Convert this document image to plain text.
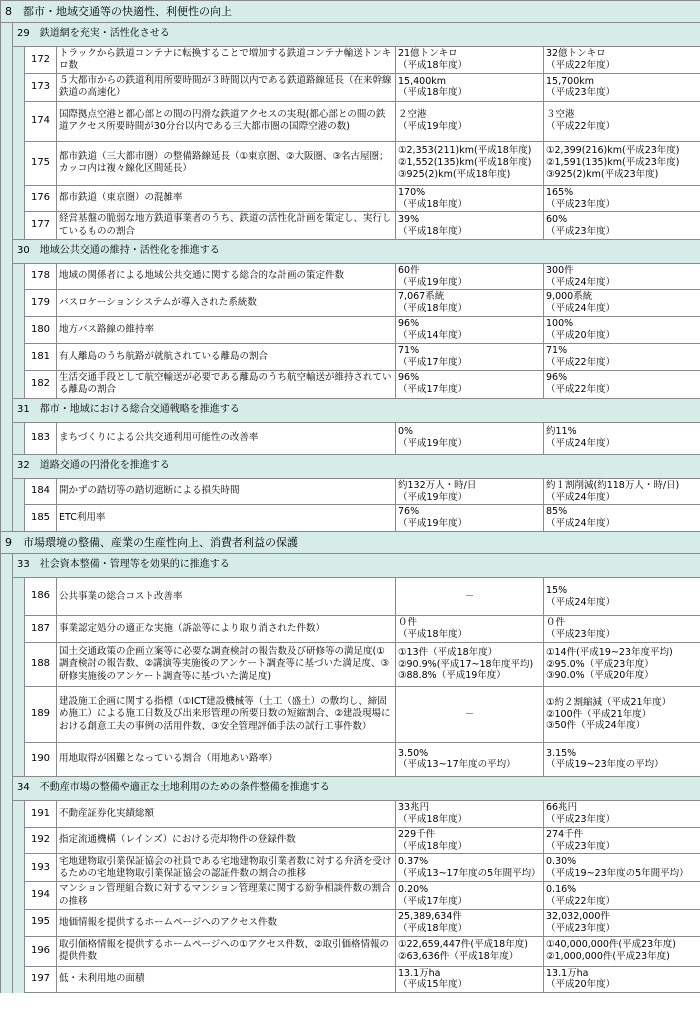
8　都市・地域交通等の快適性、利便性の向上					
	29　鉄道網を充実・活性化させる				
		172	トラックから鉄道コンテナに転換することで増加する鉄道コンテナ輸送トンキロ数	21億トンキロ
（平成18年度）	32億トンキロ
（平成22年度）

		173	５大都市からの鉄道利用所要時間が３時間以内である鉄道路線延長（在来幹線鉄道の高速化）	15,400km
（平成18年度）	15,700km
（平成23年度）

		174	国際拠点空港と都心部との間の円滑な鉄道アクセスの実現(都心部との間の鉄道アクセス所要時間が30分台以内である三大都市圏の国際空港の数)	２空港
（平成19年度）	３空港
（平成22年度）

		175	都市鉄道（三大都市圏）の整備路線延長（①東京圏、②大阪圏、③名古屋圏；カッコ内は複々線化区間延長）	①2,353(211)km(平成18年度)
②1,552(135)km(平成18年度)
③925(2)km(平成18年度)	①2,399(216)km(平成23年度)
②1,591(135)km(平成23年度)
③925(2)km(平成23年度)

		176	都市鉄道（東京圏）の混雑率	170%
（平成18年度）	165%
（平成23年度）

		177	経営基盤の脆弱な地方鉄道事業者のうち、鉄道の活性化計画を策定し、実行しているものの割合	39%
（平成18年度）	60%
（平成23年度）

	30　地域公共交通の維持・活性化を推進する				
		178	地域の関係者による地域公共交通に関する総合的な計画の策定件数	60件
（平成19年度）	300件
（平成24年度）

		179	バスロケーションシステムが導入された系統数	7,067系統
（平成18年度）	9,000系統
（平成24年度）

		180	地方バス路線の維持率	96%
（平成14年度）	100%
（平成20年度）

		181	有人離島のうち航路が就航されている離島の割合	71%
（平成17年度）	71%
（平成22年度）

		182	生活交通手段として航空輸送が必要である離島のうち航空輸送が維持されている離島の割合	96%
（平成17年度）	96%
（平成22年度）

	31　都市・地域における総合交通戦略を推進する				
		183	まちづくりによる公共交通利用可能性の改善率	0%
（平成19年度）	約11%
（平成24年度）

	32　道路交通の円滑化を推進する				
		184	開かずの踏切等の踏切遮断による損失時間	約132万人・時/日
（平成19年度）	約１割削減(約118万人・時/日)
（平成24年度）

		185	ETC利用率	76%
（平成19年度）	85%
（平成24年度）

9　市場環境の整備、産業の生産性向上、消費者利益の保護					
	33　社会資本整備・管理等を効果的に推進する				
		186	公共事業の総合コスト改善率	－	15%
（平成24年度）

		187	事業認定処分の適正な実施（訴訟等により取り消された件数）	０件
（平成18年度）	０件
（平成23年度）

		188	国土交通政策の企画立案等に必要な調査検討の報告数及び研修等の満足度(①調査検討の報告数、②講演等実施後のアンケート調査等に基づいた満足度、③研修実施後のアンケート調査等に基づいた満足度)	①13件（平成18年度）
②90.9%(平成17~18年度平均)
③88.8%（平成19年度）	①14件(平成19~23年度平均)
②95.0%（平成23年度）
③90.0%（平成20年度）

		189	建設施工企画に関する指標（①ICT建設機械等（土工（盛土）の敷均し、締固め施工）による施工日数及び出来形管理の所要日数の短縮割合、②建設現場における創意工夫の事例の活用件数、③安全管理評価手法の試行工事件数）	－	①約２割縮減（平成21年度）
②100件（平成21年度）
③50件（平成24年度）

		190	用地取得が困難となっている割合（用地あい路率）	3.50%
（平成13~17年度の平均）	3.15%
（平成19~23年度の平均）

	34　不動産市場の整備や適正な土地利用のための条件整備を推進する				
		191	不動産証券化実績総額	33兆円
（平成18年度）	66兆円
（平成23年度）

		192	指定流通機構（レインズ）における売却物件の登録件数	229千件
（平成18年度）	274千件
（平成23年度）

		193	宅地建物取引業保証協会の社員である宅地建物取引業者数に対する弁済を受けるための宅地建物取引業保証協会の認証件数の割合の推移	0.37%
（平成13~17年度の5年間平均）	0.30%
（平成19~23年度の5年間平均）

		194	マンション管理組合数に対するマンション管理業に関する紛争相談件数の割合の推移	0.20%
（平成17年度）	0.16%
（平成22年度）

		195	地価情報を提供するホームページへのアクセス件数	25,389,634件
（平成18年度）	32,032,000件
（平成23年度）

		196	取引価格情報を提供するホームページへの①アクセス件数、②取引価格情報の提供件数	①22,659,447件(平成18年度)
②63,636件（平成18年度）	①40,000,000件(平成23年度)
②1,000,000件(平成23年度)

		197	低・未利用地の面積	13.1万ha
（平成15年度）	13.1万ha
（平成20年度）
